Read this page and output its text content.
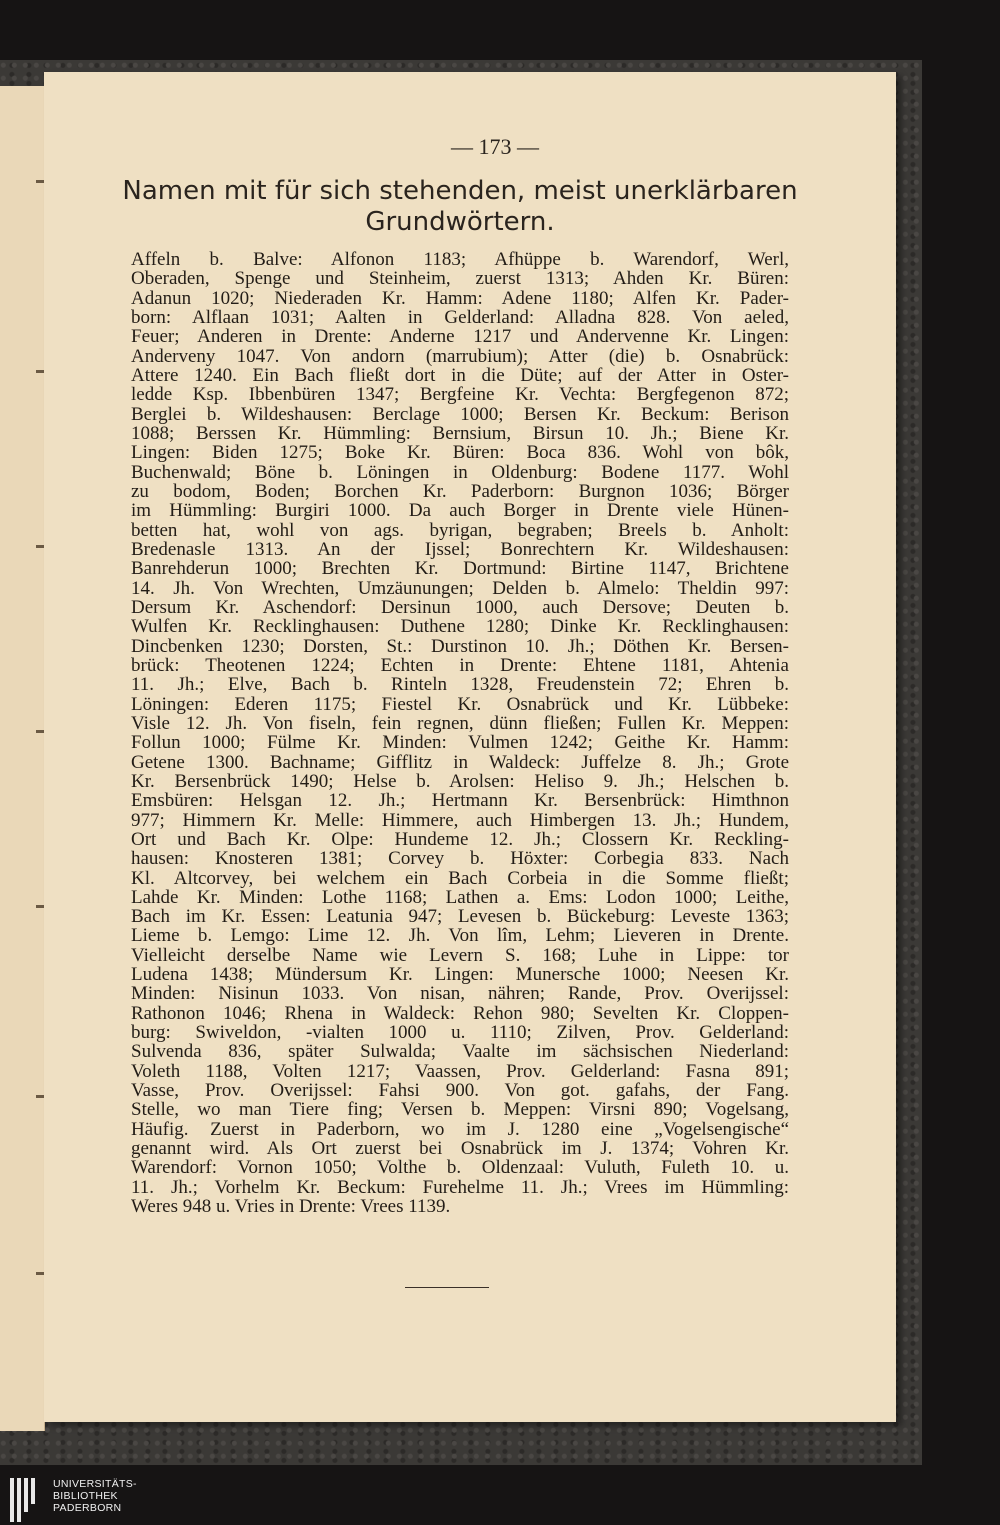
— 173 —
Namen mit für sich stehenden, meist unerklärbaren
Grundwörtern.
Affeln b. Balve: Alfonon 1183; Afhüppe b. Warendorf, Werl,
Oberaden, Spenge und Steinheim, zuerst 1313; Ahden Kr. Büren:
Adanun 1020; Niederaden Kr. Hamm: Adene 1180; Alfen Kr. Pader-
born: Alflaan 1031; Aalten in Gelderland: Alladna 828. Von aeled,
Feuer; Anderen in Drente: Anderne 1217 und Andervenne Kr. Lingen:
Anderveny 1047. Von andorn (marrubium); Atter (die) b. Osnabrück:
Attere 1240. Ein Bach fließt dort in die Düte; auf der Atter in Oster-
ledde Ksp. Ibbenbüren 1347; Bergfeine Kr. Vechta: Bergfegenon 872;
Berglei b. Wildeshausen: Berclage 1000; Bersen Kr. Beckum: Berison
1088; Berssen Kr. Hümmling: Bernsium, Birsun 10. Jh.; Biene Kr.
Lingen: Biden 1275; Boke Kr. Büren: Boca 836. Wohl von bôk,
Buchenwald; Böne b. Löningen in Oldenburg: Bodene 1177. Wohl
zu bodom, Boden; Borchen Kr. Paderborn: Burgnon 1036; Börger
im Hümmling: Burgiri 1000. Da auch Borger in Drente viele Hünen-
betten hat, wohl von ags. byrigan, begraben; Breels b. Anholt:
Bredenasle 1313. An der Ijssel; Bonrechtern Kr. Wildeshausen:
Banrehderun 1000; Brechten Kr. Dortmund: Birtine 1147, Brichtene
14. Jh. Von Wrechten, Umzäunungen; Delden b. Almelo: Theldin 997:
Dersum Kr. Aschendorf: Dersinun 1000, auch Dersove; Deuten b.
Wulfen Kr. Recklinghausen: Duthene 1280; Dinke Kr. Recklinghausen:
Dincbenken 1230; Dorsten, St.: Durstinon 10. Jh.; Döthen Kr. Bersen-
brück: Theotenen 1224; Echten in Drente: Ehtene 1181, Ahtenia
11. Jh.; Elve, Bach b. Rinteln 1328, Freudenstein 72; Ehren b.
Löningen: Ederen 1175; Fiestel Kr. Osnabrück und Kr. Lübbeke:
Visle 12. Jh. Von fiseln, fein regnen, dünn fließen; Fullen Kr. Meppen:
Follun 1000; Fülme Kr. Minden: Vulmen 1242; Geithe Kr. Hamm:
Getene 1300. Bachname; Gifflitz in Waldeck: Juffelze 8. Jh.; Grote
Kr. Bersenbrück 1490; Helse b. Arolsen: Heliso 9. Jh.; Helschen b.
Emsbüren: Helsgan 12. Jh.; Hertmann Kr. Bersenbrück: Himthnon
977; Himmern Kr. Melle: Himmere, auch Himbergen 13. Jh.; Hundem,
Ort und Bach Kr. Olpe: Hundeme 12. Jh.; Clossern Kr. Reckling-
hausen: Knosteren 1381; Corvey b. Höxter: Corbegia 833. Nach
Kl. Altcorvey, bei welchem ein Bach Corbeia in die Somme fließt;
Lahde Kr. Minden: Lothe 1168; Lathen a. Ems: Lodon 1000; Leithe,
Bach im Kr. Essen: Leatunia 947; Levesen b. Bückeburg: Leveste 1363;
Lieme b. Lemgo: Lime 12. Jh. Von lîm, Lehm; Lieveren in Drente.
Vielleicht derselbe Name wie Levern S. 168; Luhe in Lippe: tor
Ludena 1438; Mündersum Kr. Lingen: Munersche 1000; Neesen Kr.
Minden: Nisinun 1033. Von nisan, nähren; Rande, Prov. Overijssel:
Rathonon 1046; Rhena in Waldeck: Rehon 980; Sevelten Kr. Cloppen-
burg: Swiveldon, -vialten 1000 u. 1110; Zilven, Prov. Gelderland:
Sulvenda 836, später Sulwalda; Vaalte im sächsischen Niederland:
Voleth 1188, Volten 1217; Vaassen, Prov. Gelderland: Fasna 891;
Vasse, Prov. Overijssel: Fahsi 900. Von got. gafahs, der Fang.
Stelle, wo man Tiere fing; Versen b. Meppen: Virsni 890; Vogelsang,
Häufig. Zuerst in Paderborn, wo im J. 1280 eine „Vogelsengische“
genannt wird. Als Ort zuerst bei Osnabrück im J. 1374; Vohren Kr.
Warendorf: Vornon 1050; Volthe b. Oldenzaal: Vuluth, Fuleth 10. u.
11. Jh.; Vorhelm Kr. Beckum: Furehelme 11. Jh.; Vrees im Hümmling:
Weres 948 u. Vries in Drente: Vrees 1139.
UNIVERSITÄTS-
BIBLIOTHEK
PADERBORN
